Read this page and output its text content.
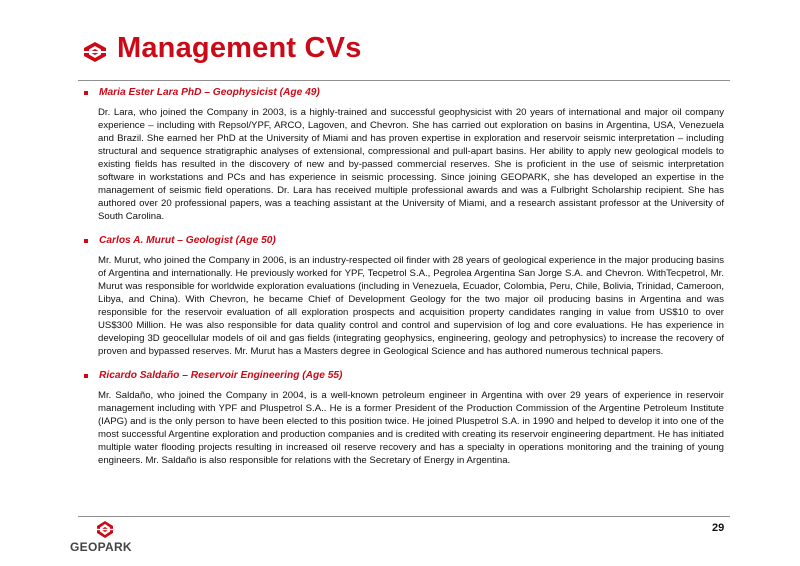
Management CVs
Maria Ester Lara PhD – Geophysicist (Age 49)
Dr. Lara, who joined the Company in 2003, is a highly-trained and successful geophysicist with 20 years of international and major oil company experience – including with Repsol/YPF, ARCO, Lagoven, and Chevron. She has carried out exploration on basins in Argentina, USA, Venezuela and Brazil. She earned her PhD at the University of Miami and has proven expertise in exploration and reservoir seismic interpretation – including structural and sequence stratigraphic analyses of extensional, compressional and pull-apart basins. Her ability to apply new geological models to existing fields has resulted in the discovery of new and by-passed commercial reserves. She is proficient in the use of seismic interpretation software in workstations and PCs and has experience in seismic processing. Since joining GEOPARK, she has developed an expertise in the management of seismic field operations. Dr. Lara has received multiple professional awards and was a Fulbright Scholarship recipient. She has authored over 20 professional papers, was a teaching assistant at the University of Miami, and a research assistant professor at the University of South Carolina.
Carlos A. Murut – Geologist (Age 50)
Mr. Murut, who joined the Company in 2006, is an industry-respected oil finder with 28 years of geological experience in the major producing basins of Argentina and internationally. He previously worked for YPF, Tecpetrol S.A., Pegrolea Argentina San Jorge S.A. and Chevron. WithTecpetrol, Mr. Murut was responsible for worldwide exploration evaluations (including in Venezuela, Ecuador, Colombia, Peru, Chile, Bolivia, Trinidad, Cameroon, Libya, and China). With Chevron, he became Chief of Development Geology for the two major oil producing basins in Argentina and was responsible for the reservoir evaluation of all exploration prospects and acquisition property candidates ranging in value from US$10 to over US$300 Million. He was also responsible for data quality control and control and supervision of log and core evaluations. He has experience in developing 3D geocellular models of oil and gas fields (integrating geophysics, engineering, geology and petrophysics) to increase the recovery of proven and bypassed reserves. Mr. Murut has a Masters degree in Geological Science and has authored numerous technical papers.
Ricardo Saldaño – Reservoir Engineering (Age 55)
Mr. Saldaño, who joined the Company in 2004, is a well-known petroleum engineer in Argentina with over 29 years of experience in reservoir management including with YPF and Pluspetrol S.A.. He is a former President of the Production Commission of the Argentine Petroleum Institute (IAPG) and is the only person to have been elected to this position twice. He joined Pluspetrol S.A. in 1990 and helped to develop it into one of the most successful Argentine exploration and production companies and is credited with creating its reservoir engineering department. He has initiated multiple water flooding projects resulting in increased oil reserve recovery and has a specialty in operations monitoring and the training of young engineers. Mr. Saldaño is also responsible for relations with the Secretary of Energy in Argentina.
GEOPARK
29
